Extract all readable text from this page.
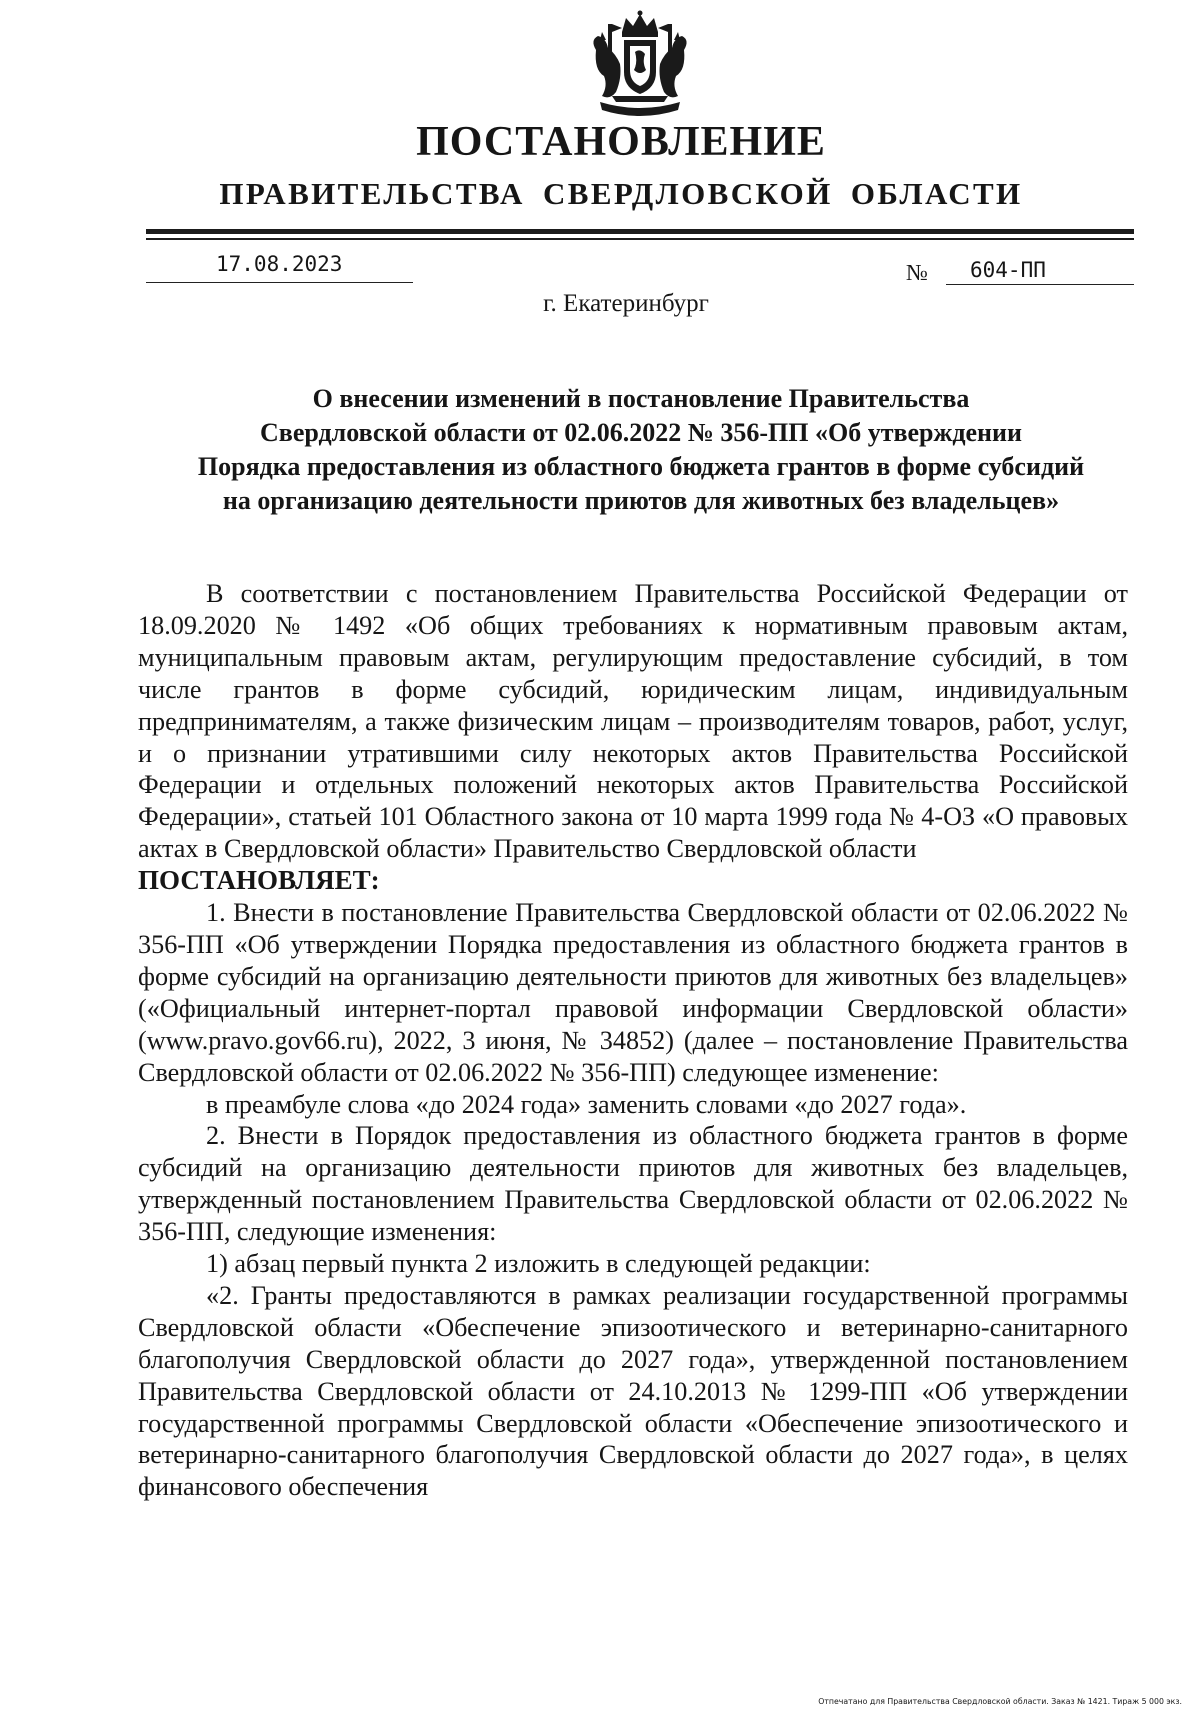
ПОСТАНОВЛЕНИЕ
ПРАВИТЕЛЬСТВА СВЕРДЛОВСКОЙ ОБЛАСТИ
17.08.2023	№ 604-ПП
г. Екатеринбург
О внесении изменений в постановление Правительства
Свердловской области от 02.06.2022 № 356-ПП «Об утверждении
Порядка предоставления из областного бюджета грантов в форме субсидий
на организацию деятельности приютов для животных без владельцев»

В соответствии с постановлением Правительства Российской Федерации от 18.09.2020 № 1492 «Об общих требованиях к нормативным правовым актам, муниципальным правовым актам, регулирующим предоставление субсидий, в том числе грантов в форме субсидий, юридическим лицам, индивидуальным предпринимателям, а также физическим лицам – производителям товаров, работ, услуг, и о признании утратившими силу некоторых актов Правительства Российской Федерации и отдельных положений некоторых актов Правительства Российской Федерации», статьей 101 Областного закона от 10 марта 1999 года № 4-ОЗ «О правовых актах в Свердловской области» Правительство Свердловской области

ПОСТАНОВЛЯЕТ:

1. Внести в постановление Правительства Свердловской области от 02.06.2022 № 356-ПП «Об утверждении Порядка предоставления из областного бюджета грантов в форме субсидий на организацию деятельности приютов для животных без владельцев» («Официальный интернет-портал правовой информации Свердловской области» (www.pravo.gov66.ru), 2022, 3 июня, № 34852) (далее – постановление Правительства Свердловской области от 02.06.2022 № 356-ПП) следующее изменение:

в преамбуле слова «до 2024 года» заменить словами «до 2027 года».

2. Внести в Порядок предоставления из областного бюджета грантов в форме субсидий на организацию деятельности приютов для животных без владельцев, утвержденный постановлением Правительства Свердловской области от 02.06.2022 № 356-ПП, следующие изменения:

1) абзац первый пункта 2 изложить в следующей редакции:

«2. Гранты предоставляются в рамках реализации государственной программы Свердловской области «Обеспечение эпизоотического и ветеринарно-санитарного благополучия Свердловской области до 2027 года», утвержденной постановлением Правительства Свердловской области от 24.10.2013 № 1299-ПП «Об утверждении государственной программы Свердловской области «Обеспечение эпизоотического и ветеринарно-санитарного благополучия Свердловской области до 2027 года», в целях финансового обеспечения

Отпечатано для Правительства Свердловской области. Заказ № 1421. Тираж 5 000 экз.
